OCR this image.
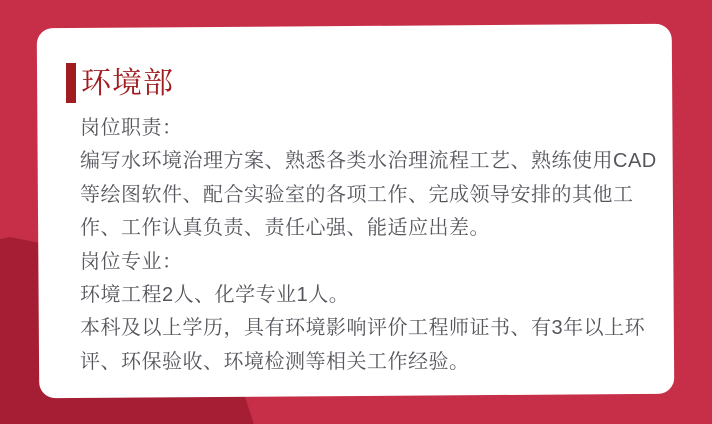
环境部
岗位职责：
编写水环境治理方案、熟悉各类水治理流程工艺、熟练使用CAD
等绘图软件、配合实验室的各项工作、完成领导安排的其他工
作、工作认真负责、责任心强、能适应出差。
岗位专业：
环境工程2人、化学专业1人。
本科及以上学历，具有环境影响评价工程师证书、有3年以上环
评、环保验收、环境检测等相关工作经验。
